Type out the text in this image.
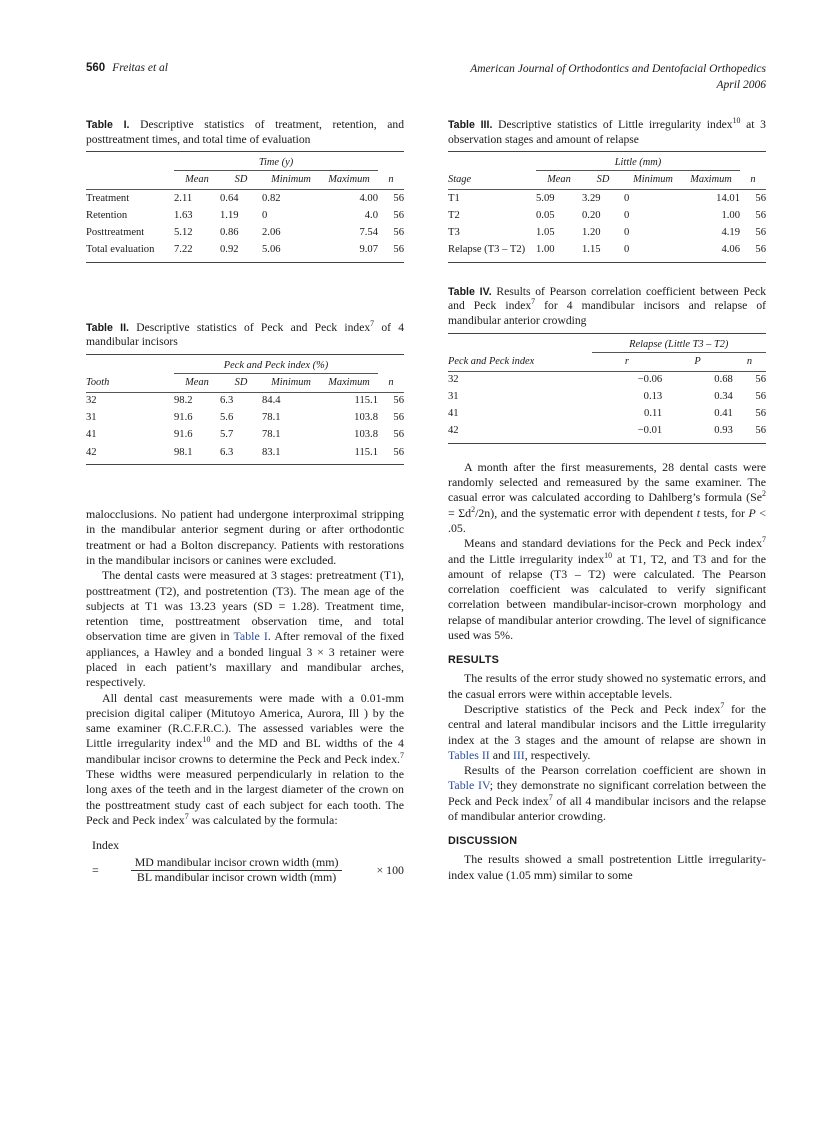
560 Freitas et al	American Journal of Orthodontics and Dentofacial Orthopedics
April 2006

Table I. Descriptive statistics of treatment, retention, and posttreatment times, and total time of evaluation

	Time (y)				

	Mean	SD	Minimum	Maximum	n
Treatment	2.11	0.64	0.82	4.00	56
Retention	1.63	1.19	0	4.0	56
Posttreatment	5.12	0.86	2.06	7.54	56
Total evaluation	7.22	0.92	5.06	9.07	56

Table II. Descriptive statistics of Peck and Peck index$^7$ of 4 mandibular incisors

	Peck and Peck index (%)				

Tooth	Mean	SD	Minimum	Maximum	n
32	98.2	6.3	84.4	115.1	56
31	91.6	5.6	78.1	103.8	56
41	91.6	5.7	78.1	103.8	56
42	98.1	6.3	83.1	115.1	56

malocclusions. No patient had undergone interproximal stripping in the mandibular anterior segment during or after orthodontic treatment or had a Bolton discrepancy. Patients with restorations in the mandibular incisors or canines were excluded.

The dental casts were measured at 3 stages: pretreatment (T1), posttreatment (T2), and postretention (T3). The mean age of the subjects at T1 was 13.23 years (SD = 1.28). Treatment time, retention time, posttreatment observation time, and total observation time are given in Table I. After removal of the fixed appliances, a Hawley and a bonded lingual 3 × 3 retainer were placed in each patient’s maxillary and mandibular arches, respectively.

All dental cast measurements were made with a 0.01-mm precision digital caliper (Mitutoyo America, Aurora, Ill ) by the same examiner (R.C.F.R.C.). The assessed variables were the Little irregularity index$^{10}$ and the MD and BL widths of the 4 mandibular incisor crowns to determine the Peck and Peck index.$^7$ These widths were measured perpendicularly in relation to the long axes of the teeth and in the largest diameter of the crown on the posttreatment study cast of each subject for each tooth. The Peck and Peck index$^7$ was calculated by the formula:

Index
= $\frac{\text{MD mandibular incisor crown width (mm)}}{\text{BL mandibular incisor crown width (mm)}} \times 100$

Table III. Descriptive statistics of Little irregularity index$^{10}$ at 3 observation stages and amount of relapse

	Little (mm)				

Stage	Mean	SD	Minimum	Maximum	n
T1	5.09	3.29	0	14.01	56
T2	0.05	0.20	0	1.00	56
T3	1.05	1.20	0	4.19	56
Relapse (T3 – T2)	1.00	1.15	0	4.06	56

Table IV. Results of Pearson correlation coefficient between Peck and Peck index$^7$ for 4 mandibular incisors and relapse of mandibular anterior crowding

	Relapse (Little T3 – T2)		

Peck and Peck index	r	P	n
32	−0.06	0.68	56
31	0.13	0.34	56
41	0.11	0.41	56
42	−0.01	0.93	56

A month after the first measurements, 28 dental casts were randomly selected and remeasured by the same examiner. The casual error was calculated according to Dahlberg’s formula $(Se^2 = \Sigma d^2/2n)$, and the systematic error with dependent t tests, for P < .05.

Means and standard deviations for the Peck and Peck index$^7$ and the Little irregularity index$^{10}$ at T1, T2, and T3 and for the amount of relapse (T3 – T2) were calculated. The Pearson correlation coefficient was calculated to verify significant correlation between mandibular-incisor-crown morphology and relapse of mandibular anterior crowding. The level of significance used was 5%.

RESULTS

The results of the error study showed no systematic errors, and the casual errors were within acceptable levels.

Descriptive statistics of the Peck and Peck index$^7$ for the central and lateral mandibular incisors and the Little irregularity index at the 3 stages and the amount of relapse are shown in Tables II and III, respectively.

Results of the Pearson correlation coefficient are shown in Table IV; they demonstrate no significant correlation between the Peck and Peck index$^7$ of all 4 mandibular incisors and the relapse of mandibular anterior crowding.

DISCUSSION

The results showed a small postretention Little irregularity-index value (1.05 mm) similar to some
